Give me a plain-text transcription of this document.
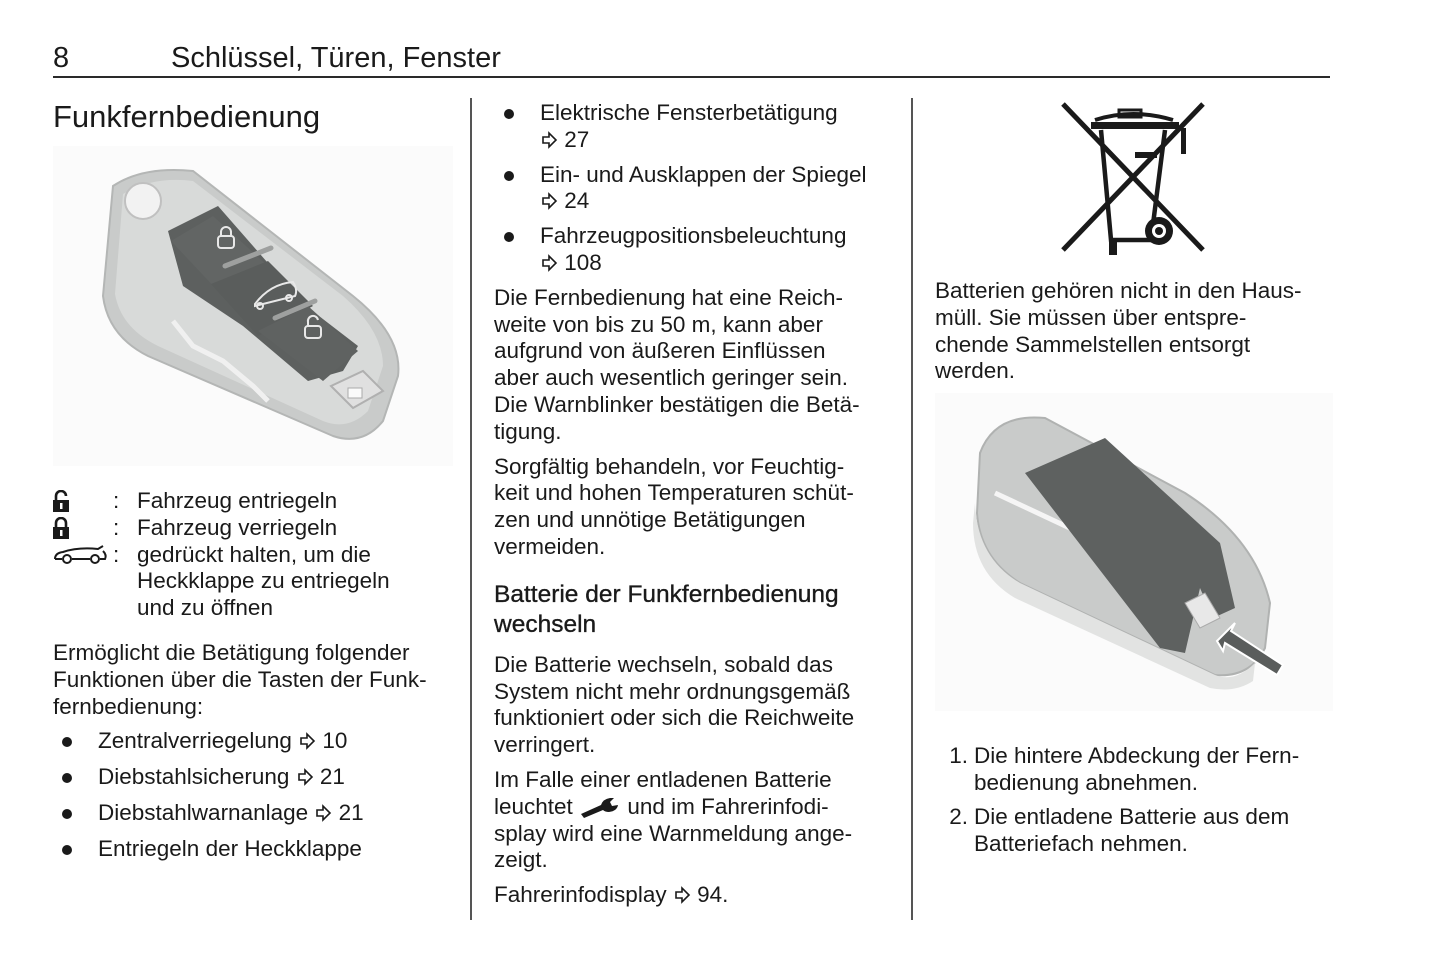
8	Schlüssel, Türen, Fenster
Funkfernbedienung
: Fahrzeug entriegeln
: Fahrzeug verriegeln
: gedrückt halten, um die
Heckklappe zu entriegeln
und zu öffnen

Ermöglicht die Betätigung folgender
Funktionen über die Tasten der Funk-
fernbedienung:

Zentralverriegelung 10
Diebstahlsicherung 21
Diebstahlwarnanlage 21
Entriegeln der Heckklappe
Elektrische Fensterbetätigung
27
Ein- und Ausklappen der Spiegel
24
Fahrzeugpositionsbeleuchtung
108

Die Fernbedienung hat eine Reich-
weite von bis zu 50 m, kann aber
aufgrund von äußeren Einflüssen
aber auch wesentlich geringer sein.
Die Warnblinker bestätigen die Betä-
tigung.

Sorgfältig behandeln, vor Feuchtig-
keit und hohen Temperaturen schüt-
zen und unnötige Betätigungen
vermeiden.

Batterie der Funkfernbedienung
wechseln

Die Batterie wechseln, sobald das
System nicht mehr ordnungsgemäß
funktioniert oder sich die Reichweite
verringert.

Im Falle einer entladenen Batterie
leuchtet und im Fahrerinfodi-
splay wird eine Warnmeldung ange-
zeigt.

Fahrerinfodisplay 94.

Batterien gehören nicht in den Haus-
müll. Sie müssen über entspre-
chende Sammelstellen entsorgt
werden.

1. Die hintere Abdeckung der Fern-
bedienung abnehmen.
2. Die entladene Batterie aus dem
Batteriefach nehmen.
